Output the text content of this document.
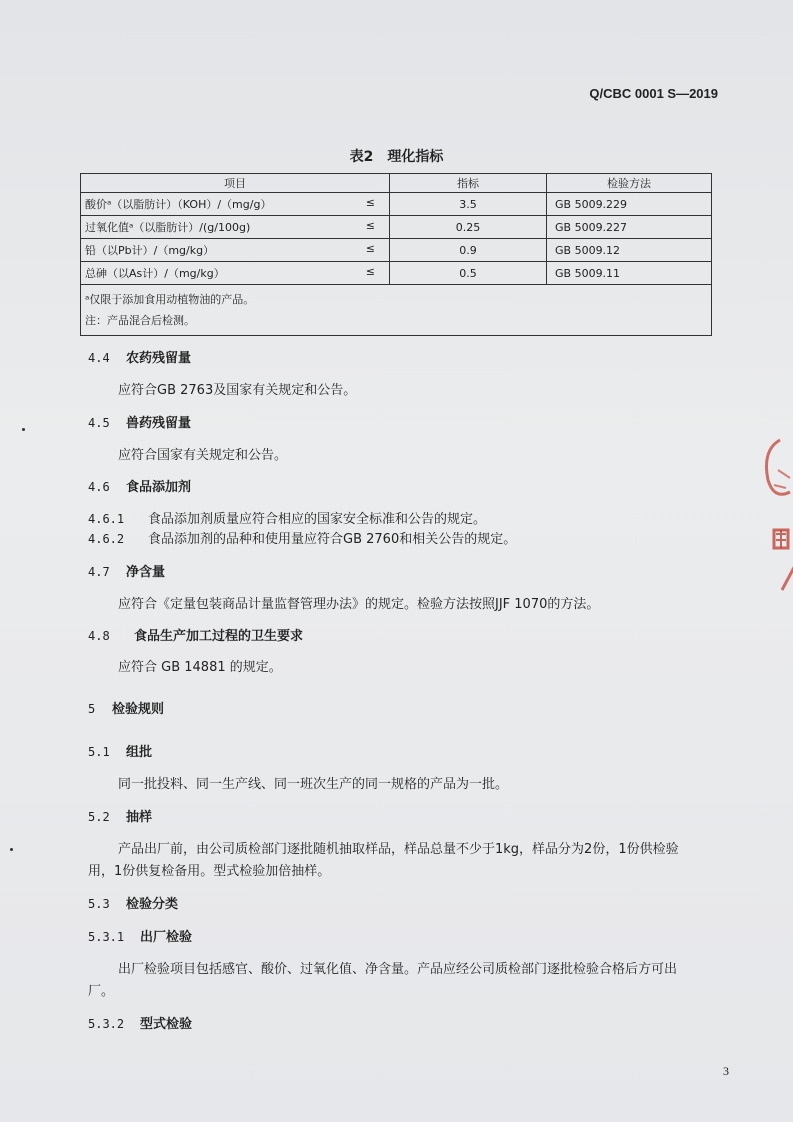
Q/CBC 0001 S—2019
表2　理化指标
项目	指标	检验方法
酸价ᵃ（以脂肪计）（KOH）/（mg/g） ≤	3.5	GB 5009.229
过氧化值ᵃ（以脂肪计）/(g/100g) ≤	0.25	GB 5009.227
铅（以Pb计）/（mg/kg） ≤	0.9	GB 5009.12
总砷（以As计）/（mg/kg） ≤	0.5	GB 5009.11

ᵃ仅限于添加食用动植物油的产品。
注：产品混合后检测。		
4.4 农药残留量
应符合GB 2763及国家有关规定和公告。
4.5 兽药残留量
应符合国家有关规定和公告。
4.6 食品添加剂
4.6.1 食品添加剂质量应符合相应的国家安全标准和公告的规定。
4.6.2 食品添加剂的品种和使用量应符合GB 2760和相关公告的规定。
4.7 净含量
应符合《定量包装商品计量监督管理办法》的规定。检验方法按照JJF 1070的方法。
4.8 食品生产加工过程的卫生要求
应符合 GB 14881 的规定。
5 检验规则
5.1 组批
同一批投料、同一生产线、同一班次生产的同一规格的产品为一批。
5.2 抽样
产品出厂前，由公司质检部门逐批随机抽取样品，样品总量不少于1kg，样品分为2份，1份供检验
用，1份供复检备用。型式检验加倍抽样。
5.3 检验分类
5.3.1 出厂检验
出厂检验项目包括感官、酸价、过氧化值、净含量。产品应经公司质检部门逐批检验合格后方可出
厂。
5.3.2 型式检验
3
